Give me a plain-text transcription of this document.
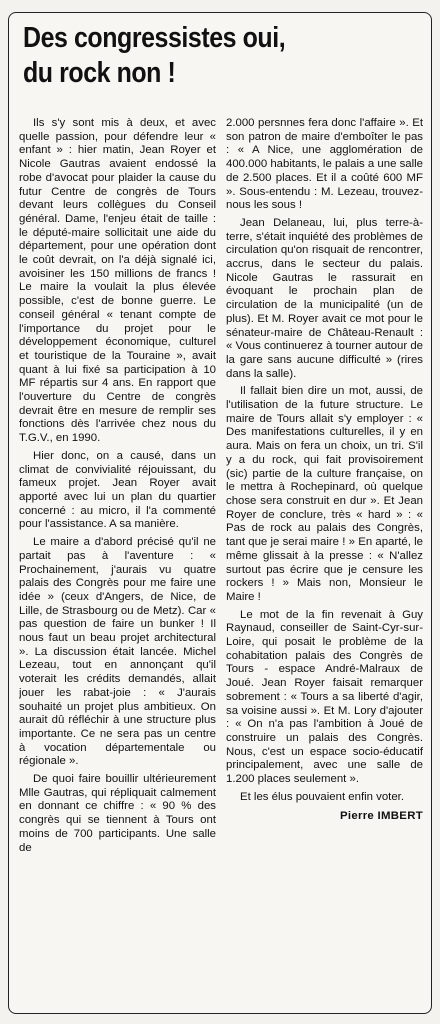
Des congressistes oui,
du rock non !

Ils s'y sont mis à deux, et avec quelle passion, pour défendre leur « enfant » : hier matin, Jean Royer et Nicole Gautras avaient endossé la robe d'avocat pour plaider la cause du futur Centre de congrès de Tours devant leurs collègues du Conseil général. Dame, l'enjeu était de taille : le député-maire sollicitait une aide du département, pour une opération dont le coût devrait, on l'a déjà signalé ici, avoisiner les 150 millions de francs ! Le maire la voulait la plus élevée possible, c'est de bonne guerre. Le conseil général « tenant compte de l'importance du projet pour le développement économique, culturel et touristique de la Touraine », avait quant à lui fixé sa participation à 10 MF répartis sur 4 ans. En rapport que l'ouverture du Centre de congrès devrait être en mesure de remplir ses fonctions dès l'arrivée chez nous du T.G.V., en 1990.

Hier donc, on a causé, dans un climat de convivialité réjouissant, du fameux projet. Jean Royer avait apporté avec lui un plan du quartier concerné : au micro, il l'a commenté pour l'assistance. A sa manière.

Le maire a d'abord précisé qu'il ne partait pas à l'aventure : « Prochainement, j'aurais vu quatre palais des Congrès pour me faire une idée » (ceux d'Angers, de Nice, de Lille, de Strasbourg ou de Metz). Car « pas question de faire un bunker ! Il nous faut un beau projet architectural ». La discussion était lancée. Michel Lezeau, tout en annonçant qu'il voterait les crédits demandés, allait jouer les rabat-joie : « J'aurais souhaité un projet plus ambitieux. On aurait dû réfléchir à une structure plus importante. Ce ne sera pas un centre à vocation départementale ou régionale ».

De quoi faire bouillir ultérieurement Mlle Gautras, qui répliquait calmement en donnant ce chiffre : « 90 % des congrès qui se tiennent à Tours ont moins de 700 participants. Une salle de

2.000 persnnes fera donc l'affaire ». Et son patron de maire d'emboîter le pas : « A Nice, une agglomération de 400.000 habitants, le palais a une salle de 2.500 places. Et il a coûté 600 MF ». Sous-entendu : M. Lezeau, trouvez-nous les sous !

Jean Delaneau, lui, plus terre-à-terre, s'était inquiété des problèmes de circulation qu'on risquait de rencontrer, accrus, dans le secteur du palais. Nicole Gautras le rassurait en évoquant le prochain plan de circulation de la municipalité (un de plus). Et M. Royer avait ce mot pour le sénateur-maire de Château-Renault : « Vous continuerez à tourner autour de la gare sans aucune difficulté » (rires dans la salle).

Il fallait bien dire un mot, aussi, de l'utilisation de la future structure. Le maire de Tours allait s'y employer : « Des manifestations culturelles, il y en aura. Mais on fera un choix, un tri. S'il y a du rock, qui fait provisoirement (sic) partie de la culture française, on le mettra à Rochepinard, où quelque chose sera construit en dur ». Et Jean Royer de conclure, très « hard » : « Pas de rock au palais des Congrès, tant que je serai maire ! » En aparté, le même glissait à la presse : « N'allez surtout pas écrire que je censure les rockers ! » Mais non, Monsieur le Maire !

Le mot de la fin revenait à Guy Raynaud, conseiller de Saint-Cyr-sur-Loire, qui posait le problème de la cohabitation palais des Congrès de Tours - espace André-Malraux de Joué. Jean Royer faisait remarquer sobrement : « Tours a sa liberté d'agir, sa voisine aussi ». Et M. Lory d'ajouter : « On n'a pas l'ambition à Joué de construire un palais des Congrès. Nous, c'est un espace socio-éducatif principalement, avec une salle de 1.200 places seulement ».

Et les élus pouvaient enfin voter.

Pierre IMBERT
